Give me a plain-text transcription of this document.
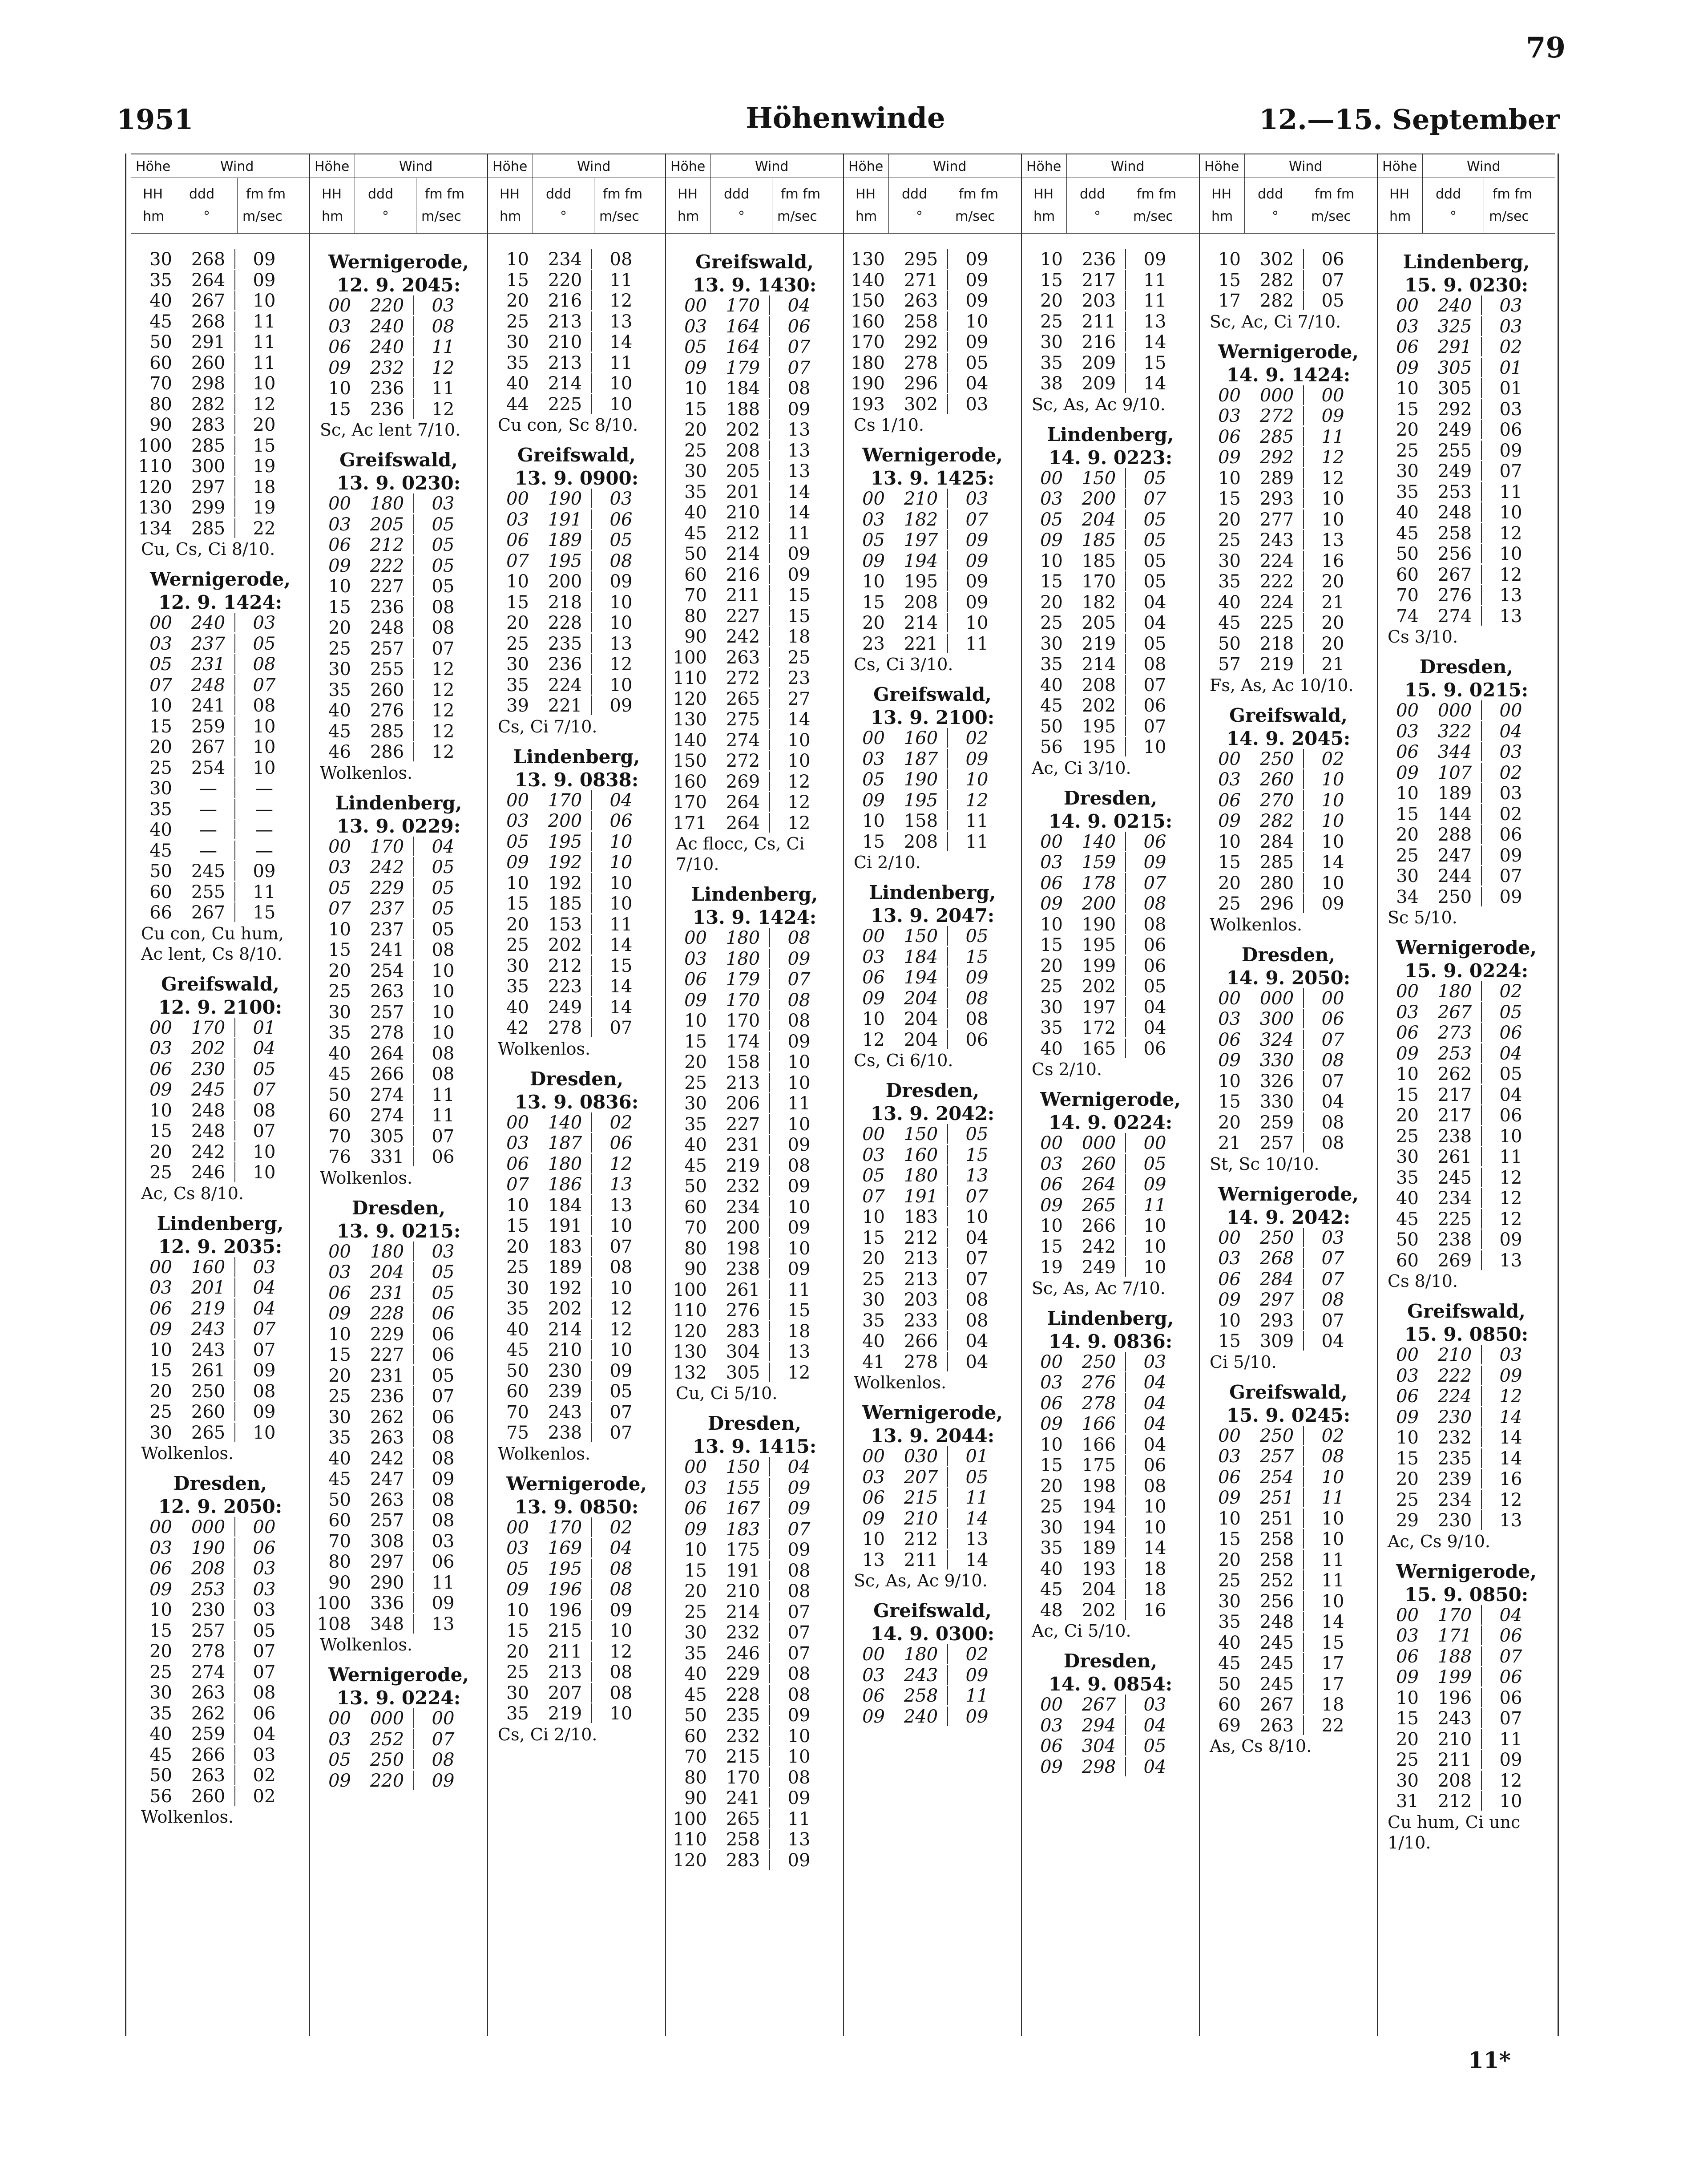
79
1951	Höhenwinde	12.—15. September
Höhe	Wind
HH
hm
ddd
°
fm fm
m/sec
30	268	09
35	264	09
40	267	10
45	268	11
50	291	11
60	260	11
70	298	10
80	282	12
90	283	20
100	285	15
110	300	19
120	297	18
130	299	19
134	285	22
Cu, Cs, Ci 8/10.
Wernigerode,
12. 9. 1424:
00	240	03
03	237	05
05	231	08
07	248	07
10	241	08
15	259	10
20	267	10
25	254	10
30	—	—
35	—	—
40	—	—
45	—	—
50	245	09
60	255	11
66	267	15
Cu con, Cu hum, Ac lent, Cs 8/10.
Greifswald,
12. 9. 2100:
00	170	01
03	202	04
06	230	05
09	245	07
10	248	08
15	248	07
20	242	10
25	246	10
Ac, Cs 8/10.
Lindenberg,
12. 9. 2035:
00	160	03
03	201	04
06	219	04
09	243	07
10	243	07
15	261	09
20	250	08
25	260	09
30	265	10
Wolkenlos.
Dresden,
12. 9. 2050:
00	000	00
03	190	06
06	208	03
09	253	03
10	230	03
15	257	05
20	278	07
25	274	07
30	263	08
35	262	06
40	259	04
45	266	03
50	263	02
56	260	02
Wolkenlos.
Höhe	Wind
HH
hm
ddd
°
fm fm
m/sec
Wernigerode,
12. 9. 2045:
00	220	03
03	240	08
06	240	11
09	232	12
10	236	11
15	236	12
Sc, Ac lent 7/10.
Greifswald,
13. 9. 0230:
00	180	03
03	205	05
06	212	05
09	222	05
10	227	05
15	236	08
20	248	08
25	257	07
30	255	12
35	260	12
40	276	12
45	285	12
46	286	12
Wolkenlos.
Lindenberg,
13. 9. 0229:
00	170	04
03	242	05
05	229	05
07	237	05
10	237	05
15	241	08
20	254	10
25	263	10
30	257	10
35	278	10
40	264	08
45	266	08
50	274	11
60	274	11
70	305	07
76	331	06
Wolkenlos.
Dresden,
13. 9. 0215:
00	180	03
03	204	05
06	231	05
09	228	06
10	229	06
15	227	06
20	231	05
25	236	07
30	262	06
35	263	08
40	242	08
45	247	09
50	263	08
60	257	08
70	308	03
80	297	06
90	290	11
100	336	09
108	348	13
Wolkenlos.
Wernigerode,
13. 9. 0224:
00	000	00
03	252	07
05	250	08
09	220	09
Höhe	Wind
HH
hm
ddd
°
fm fm
m/sec
10	234	08
15	220	11
20	216	12
25	213	13
30	210	14
35	213	11
40	214	10
44	225	10
Cu con, Sc 8/10.
Greifswald,
13. 9. 0900:
00	190	03
03	191	06
06	189	05
07	195	08
10	200	09
15	218	10
20	228	10
25	235	13
30	236	12
35	224	10
39	221	09
Cs, Ci 7/10.
Lindenberg,
13. 9. 0838:
00	170	04
03	200	06
05	195	10
09	192	10
10	192	10
15	185	10
20	153	11
25	202	14
30	212	15
35	223	14
40	249	14
42	278	07
Wolkenlos.
Dresden,
13. 9. 0836:
00	140	02
03	187	06
06	180	12
07	186	13
10	184	13
15	191	10
20	183	07
25	189	08
30	192	10
35	202	12
40	214	12
45	210	10
50	230	09
60	239	05
70	243	07
75	238	07
Wolkenlos.
Wernigerode,
13. 9. 0850:
00	170	02
03	169	04
05	195	08
09	196	08
10	196	09
15	215	10
20	211	12
25	213	08
30	207	08
35	219	10
Cs, Ci 2/10.
Höhe	Wind
HH
hm
ddd
°
fm fm
m/sec
Greifswald,
13. 9. 1430:
00	170	04
03	164	06
05	164	07
09	179	07
10	184	08
15	188	09
20	202	13
25	208	13
30	205	13
35	201	14
40	210	14
45	212	11
50	214	09
60	216	09
70	211	15
80	227	15
90	242	18
100	263	25
110	272	23
120	265	27
130	275	14
140	274	10
150	272	10
160	269	12
170	264	12
171	264	12
Ac flocc, Cs, Ci 7/10.
Lindenberg,
13. 9. 1424:
00	180	08
03	180	09
06	179	07
09	170	08
10	170	08
15	174	09
20	158	10
25	213	10
30	206	11
35	227	10
40	231	09
45	219	08
50	232	09
60	234	10
70	200	09
80	198	10
90	238	09
100	261	11
110	276	15
120	283	18
130	304	13
132	305	12
Cu, Ci 5/10.
Dresden,
13. 9. 1415:
00	150	04
03	155	09
06	167	09
09	183	07
10	175	09
15	191	08
20	210	08
25	214	07
30	232	07
35	246	07
40	229	08
45	228	08
50	235	09
60	232	10
70	215	10
80	170	08
90	241	09
100	265	11
110	258	13
120	283	09
Höhe	Wind
HH
hm
ddd
°
fm fm
m/sec
130	295	09
140	271	09
150	263	09
160	258	10
170	292	09
180	278	05
190	296	04
193	302	03
Cs 1/10.
Wernigerode,
13. 9. 1425:
00	210	03
03	182	07
05	197	09
09	194	09
10	195	09
15	208	09
20	214	10
23	221	11
Cs, Ci 3/10.
Greifswald,
13. 9. 2100:
00	160	02
03	187	09
05	190	10
09	195	12
10	158	11
15	208	11
Ci 2/10.
Lindenberg,
13. 9. 2047:
00	150	05
03	184	15
06	194	09
09	204	08
10	204	08
12	204	06
Cs, Ci 6/10.
Dresden,
13. 9. 2042:
00	150	05
03	160	15
05	180	13
07	191	07
10	183	10
15	212	04
20	213	07
25	213	07
30	203	08
35	233	08
40	266	04
41	278	04
Wolkenlos.
Wernigerode,
13. 9. 2044:
00	030	01
03	207	05
06	215	11
09	210	14
10	212	13
13	211	14
Sc, As, Ac 9/10.
Greifswald,
14. 9. 0300:
00	180	02
03	243	09
06	258	11
09	240	09
Höhe	Wind
HH
hm
ddd
°
fm fm
m/sec
10	236	09
15	217	11
20	203	11
25	211	13
30	216	14
35	209	15
38	209	14
Sc, As, Ac 9/10.
Lindenberg,
14. 9. 0223:
00	150	05
03	200	07
05	204	05
09	185	05
10	185	05
15	170	05
20	182	04
25	205	04
30	219	05
35	214	08
40	208	07
45	202	06
50	195	07
56	195	10
Ac, Ci 3/10.
Dresden,
14. 9. 0215:
00	140	06
03	159	09
06	178	07
09	200	08
10	190	08
15	195	06
20	199	06
25	202	05
30	197	04
35	172	04
40	165	06
Cs 2/10.
Wernigerode,
14. 9. 0224:
00	000	00
03	260	05
06	264	09
09	265	11
10	266	10
15	242	10
19	249	10
Sc, As, Ac 7/10.
Lindenberg,
14. 9. 0836:
00	250	03
03	276	04
06	278	04
09	166	04
10	166	04
15	175	06
20	198	08
25	194	10
30	194	10
35	189	14
40	193	18
45	204	18
48	202	16
Ac, Ci 5/10.
Dresden,
14. 9. 0854:
00	267	03
03	294	04
06	304	05
09	298	04
Höhe	Wind
HH
hm
ddd
°
fm fm
m/sec
10	302	06
15	282	07
17	282	05
Sc, Ac, Ci 7/10.
Wernigerode,
14. 9. 1424:
00	000	00
03	272	09
06	285	11
09	292	12
10	289	12
15	293	10
20	277	10
25	243	13
30	224	16
35	222	20
40	224	21
45	225	20
50	218	20
57	219	21
Fs, As, Ac 10/10.
Greifswald,
14. 9. 2045:
00	250	02
03	260	10
06	270	10
09	282	10
10	284	10
15	285	14
20	280	10
25	296	09
Wolkenlos.
Dresden,
14. 9. 2050:
00	000	00
03	300	06
06	324	07
09	330	08
10	326	07
15	330	04
20	259	08
21	257	08
St, Sc 10/10.
Wernigerode,
14. 9. 2042:
00	250	03
03	268	07
06	284	07
09	297	08
10	293	07
15	309	04
Ci 5/10.
Greifswald,
15. 9. 0245:
00	250	02
03	257	08
06	254	10
09	251	11
10	251	10
15	258	10
20	258	11
25	252	11
30	256	10
35	248	14
40	245	15
45	245	17
50	245	17
60	267	18
69	263	22
As, Cs 8/10.
Höhe	Wind
HH
hm
ddd
°
fm fm
m/sec
Lindenberg,
15. 9. 0230:
00	240	03
03	325	03
06	291	02
09	305	01
10	305	01
15	292	03
20	249	06
25	255	09
30	249	07
35	253	11
40	248	10
45	258	12
50	256	10
60	267	12
70	276	13
74	274	13
Cs 3/10.
Dresden,
15. 9. 0215:
00	000	00
03	322	04
06	344	03
09	107	02
10	189	03
15	144	02
20	288	06
25	247	09
30	244	07
34	250	09
Sc 5/10.
Wernigerode,
15. 9. 0224:
00	180	02
03	267	05
06	273	06
09	253	04
10	262	05
15	217	04
20	217	06
25	238	10
30	261	11
35	245	12
40	234	12
45	225	12
50	238	09
60	269	13
Cs 8/10.
Greifswald,
15. 9. 0850:
00	210	03
03	222	09
06	224	12
09	230	14
10	232	14
15	235	14
20	239	16
25	234	12
29	230	13
Ac, Cs 9/10.
Wernigerode,
15. 9. 0850:
00	170	04
03	171	06
06	188	07
09	199	06
10	196	06
15	243	07
20	210	11
25	211	09
30	208	12
31	212	10
Cu hum, Ci unc 1/10.
11*
